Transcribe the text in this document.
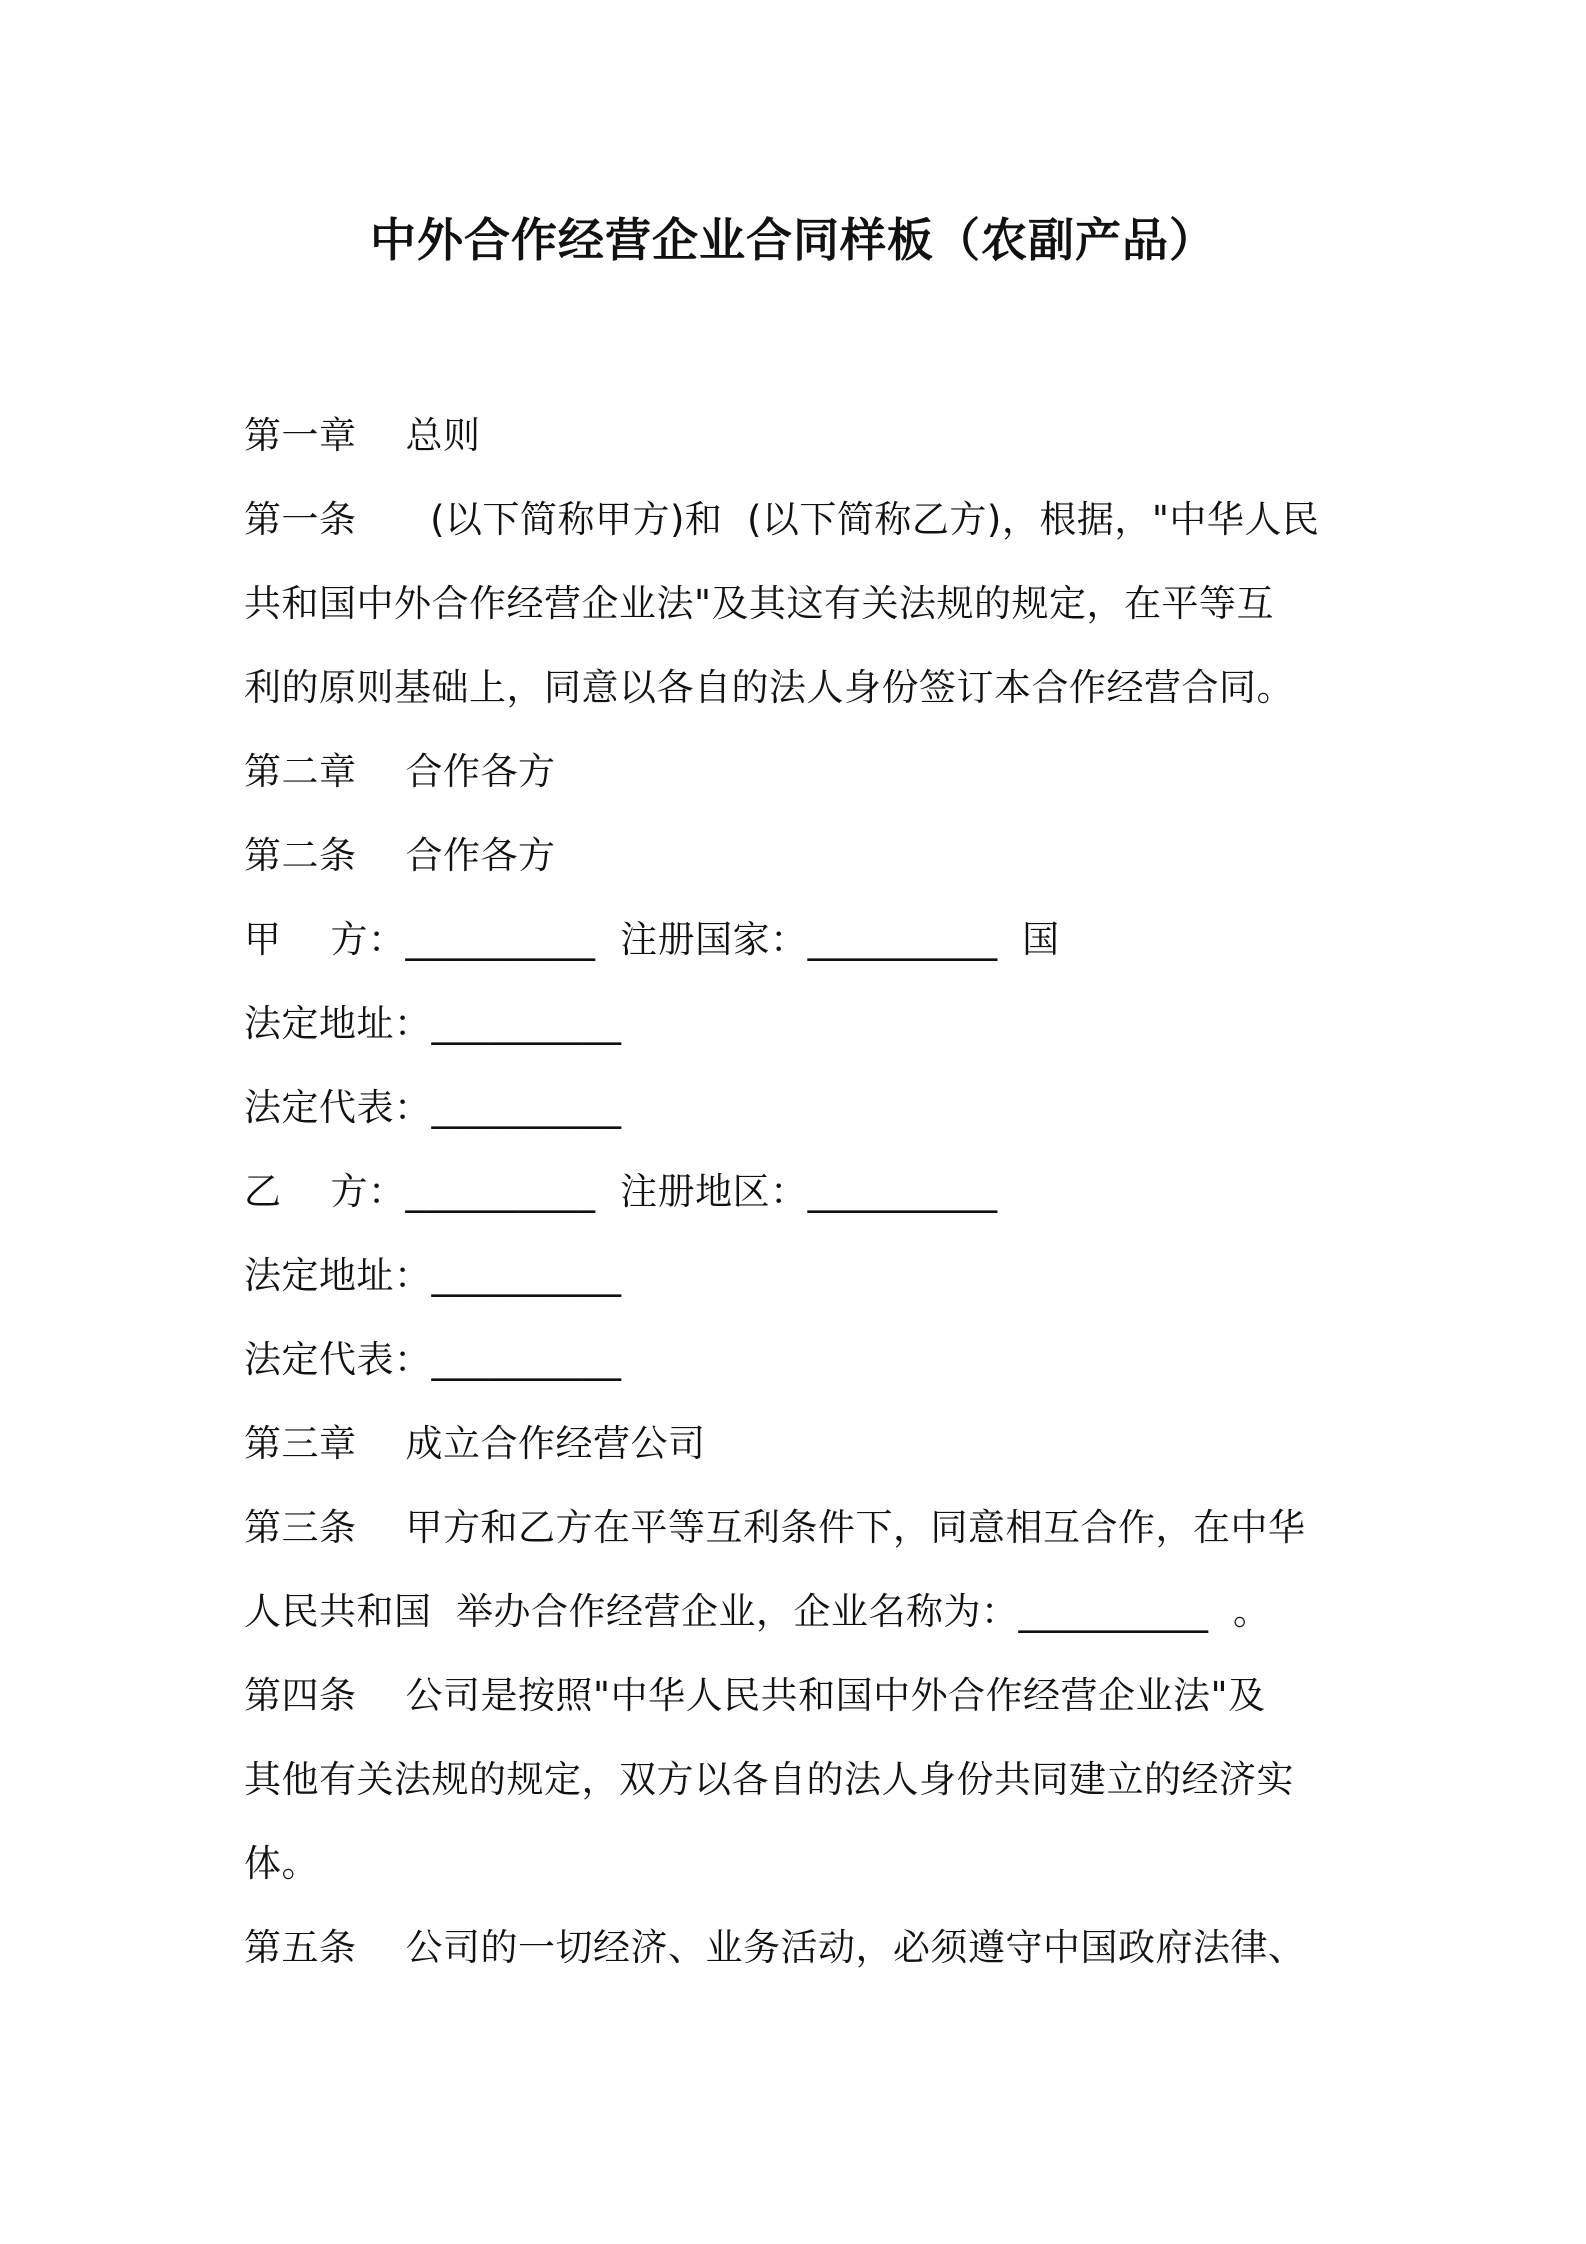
中外合作经营企业合同样板（农副产品）
第一章    总则
第一条      (以下简称甲方)和  (以下简称乙方)，根据，"中华人民
共和国中外合作经营企业法"及其这有关法规的规定，在平等互
利的原则基础上，同意以各自的法人身份签订本合作经营合同。
第二章    合作各方
第二条    合作各方
甲    方：__________  注册国家：__________  国
法定地址：__________
法定代表：__________
乙    方：__________  注册地区：__________
法定地址：__________
法定代表：__________
第三章    成立合作经营公司
第三条    甲方和乙方在平等互利条件下，同意相互合作，在中华
人民共和国  举办合作经营企业，企业名称为：__________  。
第四条    公司是按照"中华人民共和国中外合作经营企业法"及
其他有关法规的规定，双方以各自的法人身份共同建立的经济实
体。
第五条    公司的一切经济、业务活动，必须遵守中国政府法律、
